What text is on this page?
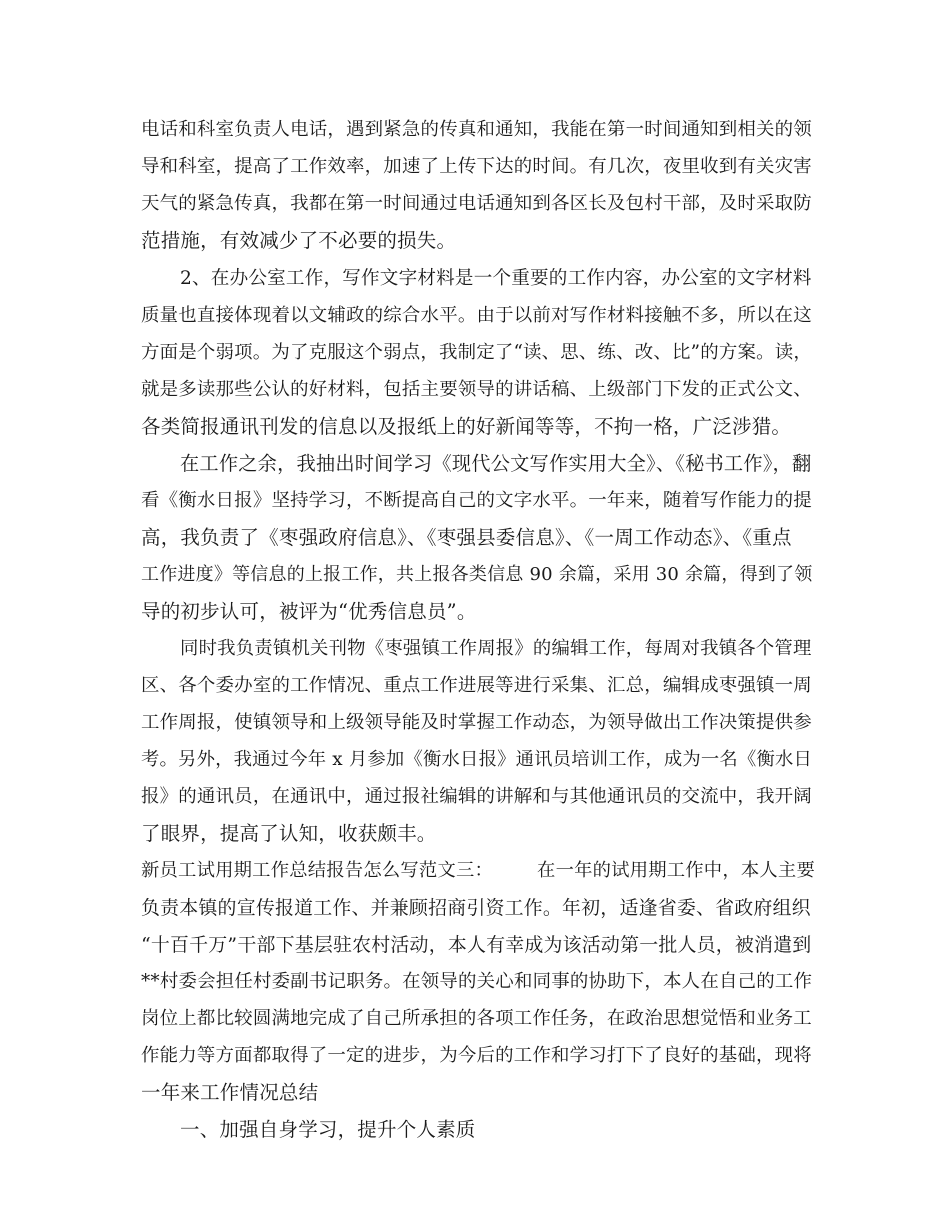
电话和科室负责人电话，遇到紧急的传真和通知，我能在第一时间通知到相关的领
导和科室，提高了工作效率，加速了上传下达的时间。有几次，夜里收到有关灾害
天气的紧急传真，我都在第一时间通过电话通知到各区长及包村干部，及时采取防
范措施，有效减少了不必要的损失。
2、在办公室工作，写作文字材料是一个重要的工作内容，办公室的文字材料
质量也直接体现着以文辅政的综合水平。由于以前对写作材料接触不多，所以在这
方面是个弱项。为了克服这个弱点，我制定了“读、思、练、改、比”的方案。读，
就是多读那些公认的好材料，包括主要领导的讲话稿、上级部门下发的正式公文、
各类简报通讯刊发的信息以及报纸上的好新闻等等，不拘一格，广泛涉猎。
在工作之余，我抽出时间学习《现代公文写作实用大全》、《秘书工作》，翻
看《衡水日报》坚持学习，不断提高自己的文字水平。一年来，随着写作能力的提
高，我负责了《枣强政府信息》、《枣强县委信息》、《一周工作动态》、《重点
工作进度》等信息的上报工作，共上报各类信息 90 余篇，采用 30 余篇，得到了领
导的初步认可，被评为“优秀信息员”。
同时我负责镇机关刊物《枣强镇工作周报》的编辑工作，每周对我镇各个管理
区、各个委办室的工作情况、重点工作进展等进行采集、汇总，编辑成枣强镇一周
工作周报，使镇领导和上级领导能及时掌握工作动态，为领导做出工作决策提供参
考。另外，我通过今年 x 月参加《衡水日报》通讯员培训工作，成为一名《衡水日
报》的通讯员，在通讯中，通过报社编辑的讲解和与其他通讯员的交流中，我开阔
了眼界，提高了认知，收获颇丰。
新员工试用期工作总结报告怎么写范文三： 在一年的试用期工作中，本人主要
负责本镇的宣传报道工作、并兼顾招商引资工作。年初，适逢省委、省政府组织
“十百千万”干部下基层驻农村活动，本人有幸成为该活动第一批人员，被消遣到
**村委会担任村委副书记职务。在领导的关心和同事的协助下，本人在自己的工作
岗位上都比较圆满地完成了自己所承担的各项工作任务，在政治思想觉悟和业务工
作能力等方面都取得了一定的进步，为今后的工作和学习打下了良好的基础，现将
一年来工作情况总结
一、加强自身学习，提升个人素质
